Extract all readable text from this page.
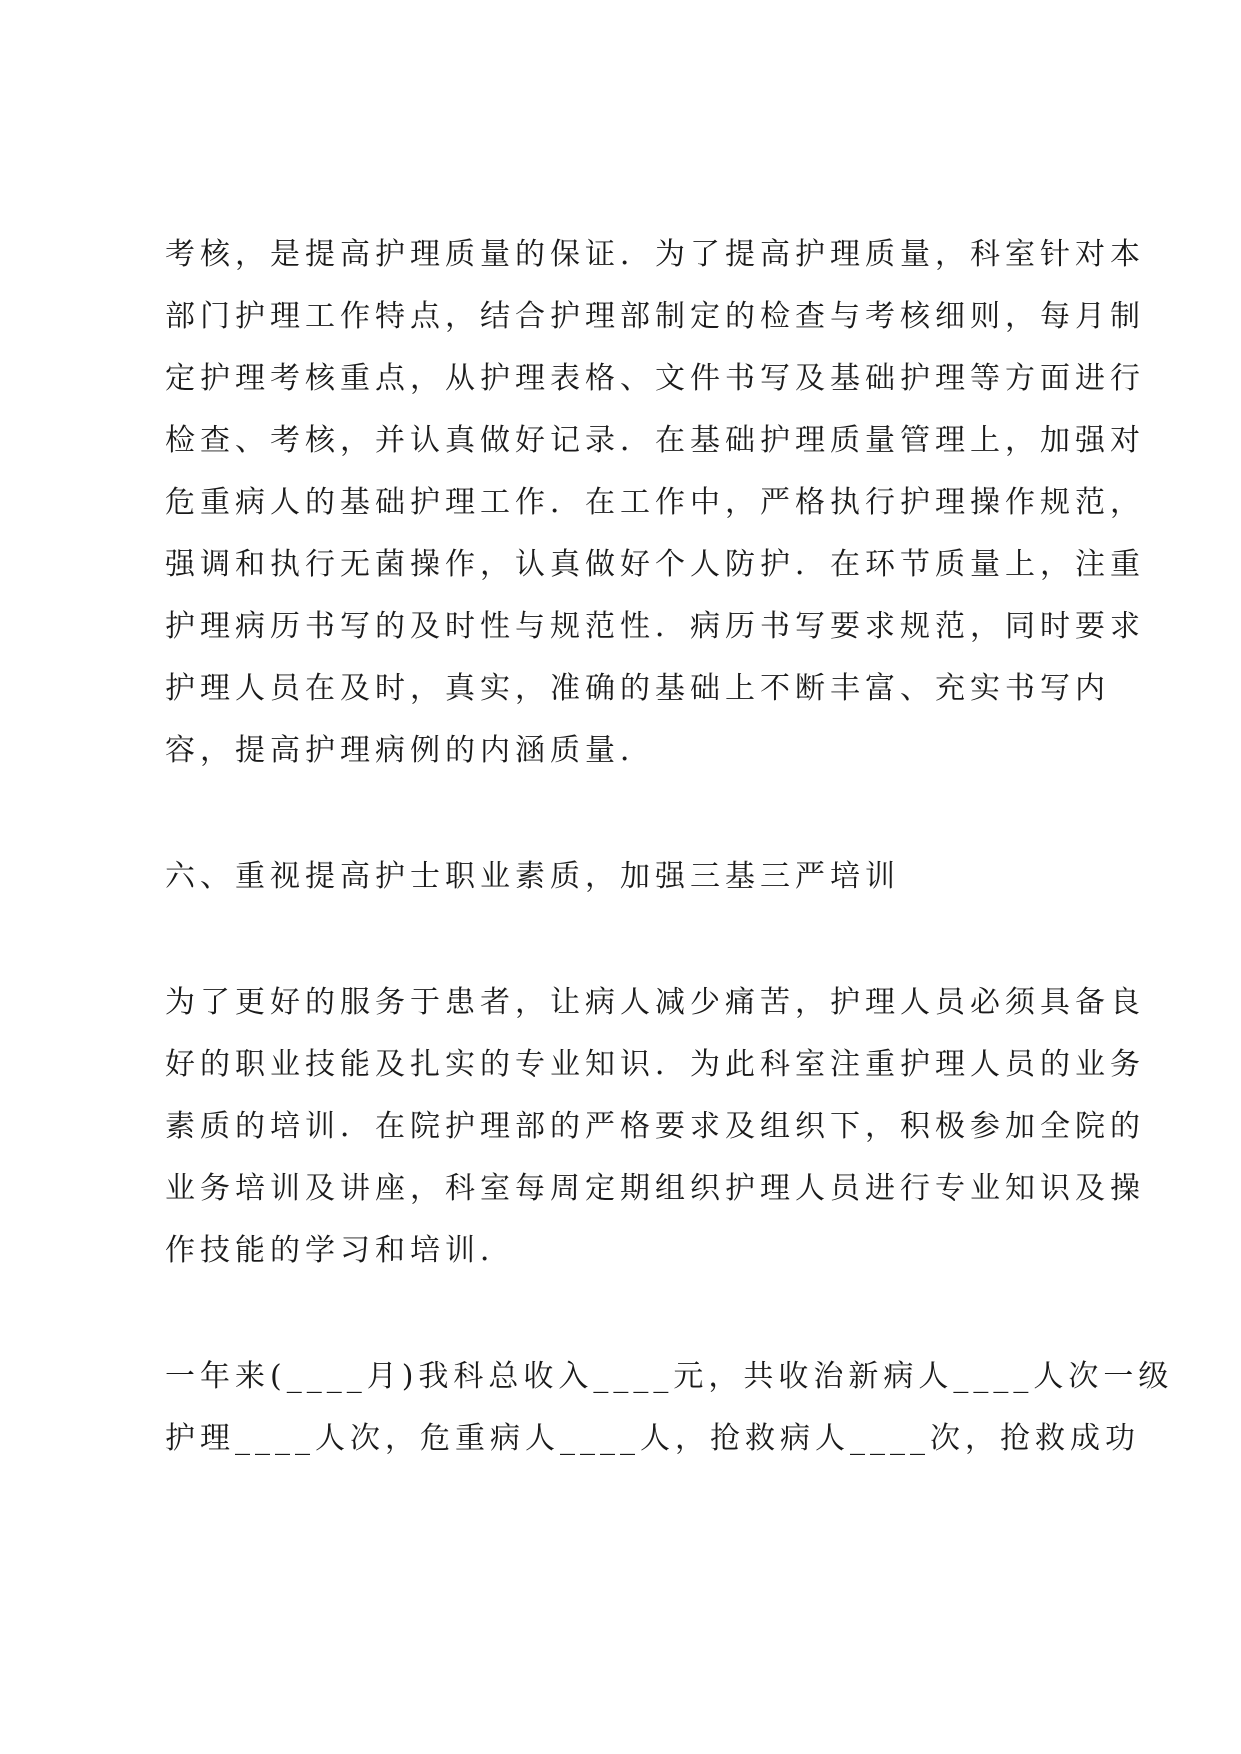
考核，是提高护理质量的保证．为了提高护理质量，科室针对本
部门护理工作特点，结合护理部制定的检查与考核细则，每月制
定护理考核重点，从护理表格、文件书写及基础护理等方面进行
检查、考核，并认真做好记录．在基础护理质量管理上，加强对
危重病人的基础护理工作．在工作中，严格执行护理操作规范，
强调和执行无菌操作，认真做好个人防护．在环节质量上，注重
护理病历书写的及时性与规范性．病历书写要求规范，同时要求
护理人员在及时，真实，准确的基础上不断丰富、充实书写内
容，提高护理病例的内涵质量．
六、重视提高护士职业素质，加强三基三严培训
为了更好的服务于患者，让病人减少痛苦，护理人员必须具备良
好的职业技能及扎实的专业知识．为此科室注重护理人员的业务
素质的培训．在院护理部的严格要求及组织下，积极参加全院的
业务培训及讲座，科室每周定期组织护理人员进行专业知识及操
作技能的学习和培训．
一年来(____月)我科总收入____元，共收治新病人____人次一级
护理____人次，危重病人____人，抢救病人____次，抢救成功
